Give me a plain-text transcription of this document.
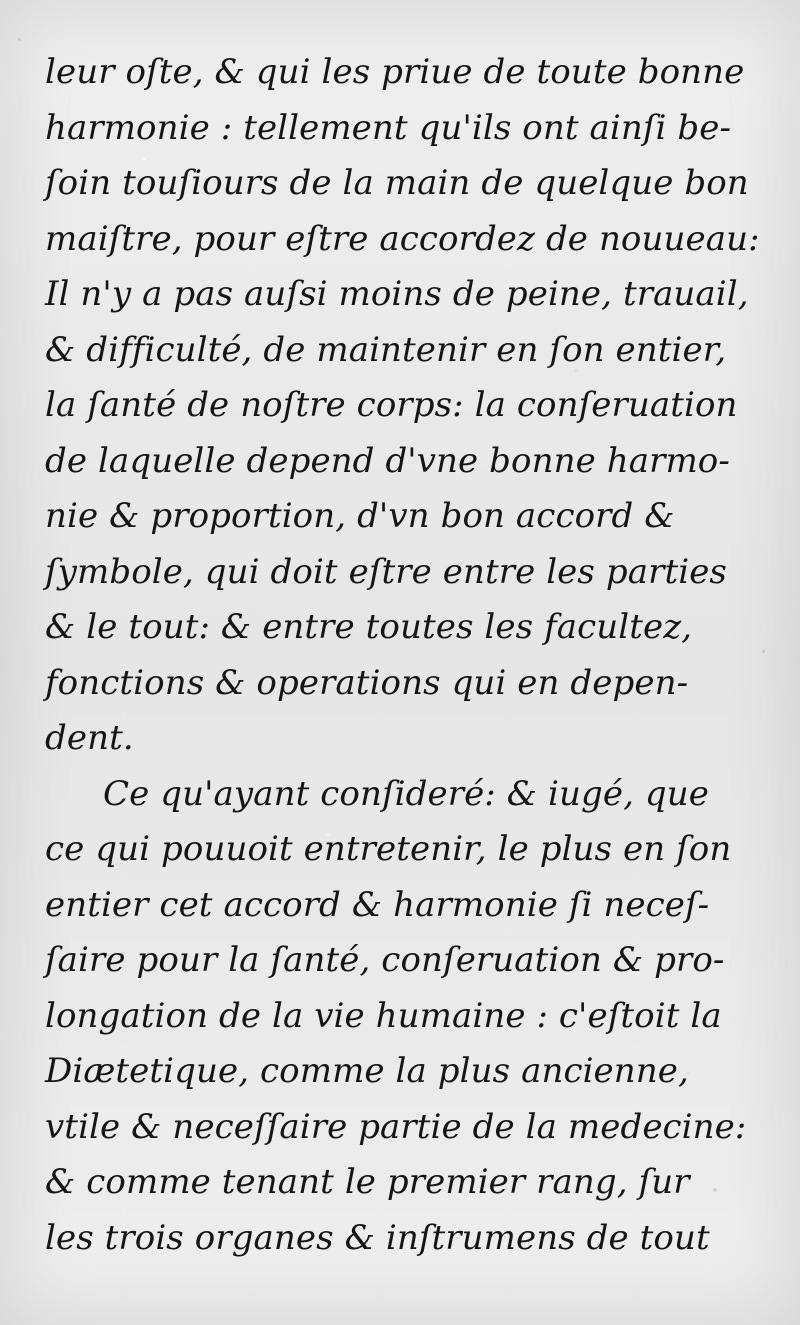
leur oſte, & qui les priue de toute bonne
harmonie : tellement qu'ils ont ainſi be-
ſoin touſiours de la main de quelque bon
maiſtre, pour eſtre accordez de nouueau:
Il n'y a pas auſsi moins de peine, trauail,
& difficulté, de maintenir en ſon entier,
la ſanté de noſtre corps: la conſeruation
de laquelle depend d'vne bonne harmo-
nie & proportion, d'vn bon accord &
ſymbole, qui doit eſtre entre les parties
& le tout: & entre toutes les facultez,
fonctions & operations qui en depen-
dent.
Ce qu'ayant conſideré: & iugé, que
ce qui pouuoit entretenir, le plus en ſon
entier cet accord & harmonie ſi neceſ-
ſaire pour la ſanté, conſeruation & pro-
longation de la vie humaine : c'eſtoit la
Diætetique, comme la plus ancienne,
vtile & neceſſaire partie de la medecine:
& comme tenant le premier rang, ſur
les trois organes & inſtrumens de tout
